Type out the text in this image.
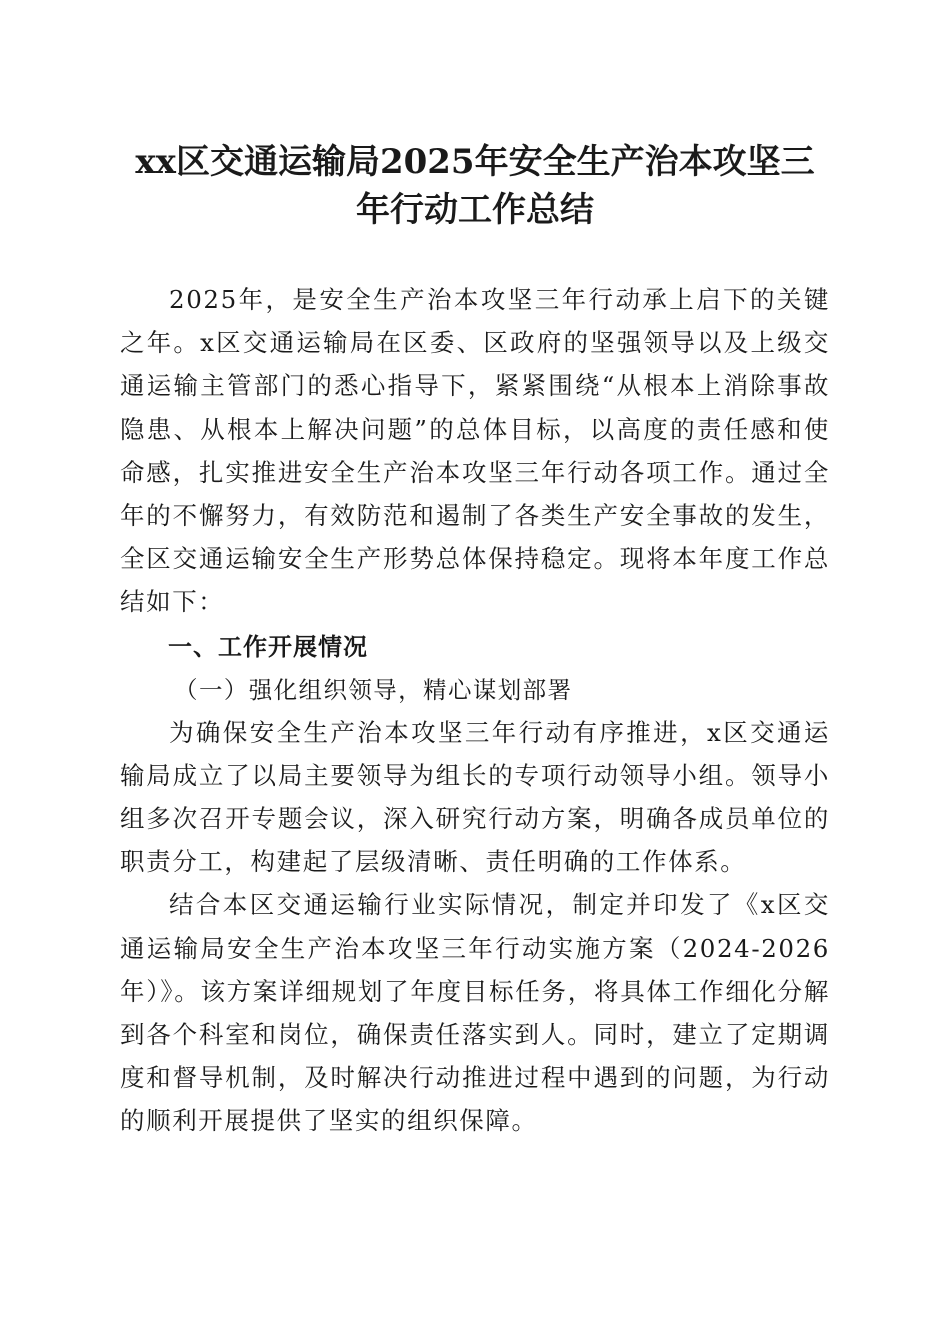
xx区交通运输局2025年安全生产治本攻坚三
年行动工作总结

2025年，是安全生产治本攻坚三年行动承上启下的关键之年。x区交通运输局在区委、区政府的坚强领导以及上级交通运输主管部门的悉心指导下，紧紧围绕“从根本上消除事故隐患、从根本上解决问题”的总体目标，以高度的责任感和使命感，扎实推进安全生产治本攻坚三年行动各项工作。通过全年的不懈努力，有效防范和遏制了各类生产安全事故的发生，全区交通运输安全生产形势总体保持稳定。现将本年度工作总结如下：

一、工作开展情况
（一）强化组织领导，精心谋划部署

为确保安全生产治本攻坚三年行动有序推进，x区交通运输局成立了以局主要领导为组长的专项行动领导小组。领导小组多次召开专题会议，深入研究行动方案，明确各成员单位的职责分工，构建起了层级清晰、责任明确的工作体系。

结合本区交通运输行业实际情况，制定并印发了《x区交通运输局安全生产治本攻坚三年行动实施方案（2024-2026年）》。该方案详细规划了年度目标任务，将具体工作细化分解到各个科室和岗位，确保责任落实到人。同时，建立了定期调度和督导机制，及时解决行动推进过程中遇到的问题，为行动的顺利开展提供了坚实的组织保障。
